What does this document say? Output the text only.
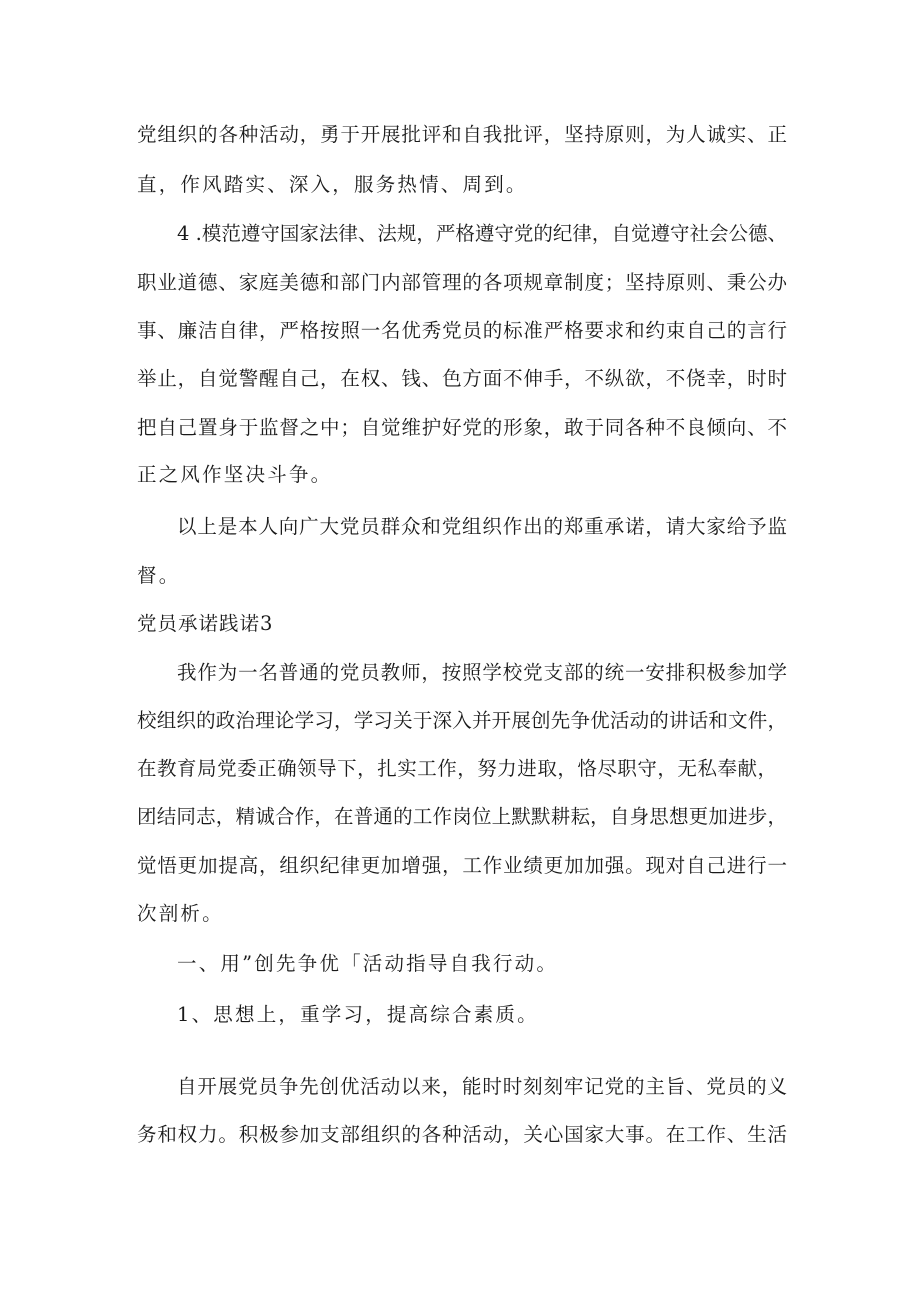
党组织的各种活动，勇于开展批评和自我批评，坚持原则，为人诚实、正
直，作风踏实、深入，服务热情、周到。
4 .模范遵守国家法律、法规，严格遵守党的纪律，自觉遵守社会公德、
职业道德、家庭美德和部门内部管理的各项规章制度；坚持原则、秉公办
事、廉洁自律，严格按照一名优秀党员的标准严格要求和约束自己的言行
举止，自觉警醒自己，在权、钱、色方面不伸手，不纵欲，不侥幸，时时
把自己置身于监督之中；自觉维护好党的形象，敢于同各种不良倾向、不
正之风作坚决斗争。
以上是本人向广大党员群众和党组织作出的郑重承诺，请大家给予监
督。
党员承诺践诺3
我作为一名普通的党员教师，按照学校党支部的统一安排积极参加学
校组织的政治理论学习，学习关于深入并开展创先争优活动的讲话和文件，
在教育局党委正确领导下，扎实工作，努力进取，恪尽职守，无私奉献，
团结同志，精诚合作，在普通的工作岗位上默默耕耘，自身思想更加进步，
觉悟更加提高，组织纪律更加增强，工作业绩更加加强。现对自己进行一
次剖析。
一、用”创先争优「活动指导自我行动。
1、思想上，重学习，提高综合素质。
自开展党员争先创优活动以来，能时时刻刻牢记党的主旨、党员的义
务和权力。积极参加支部组织的各种活动，关心国家大事。在工作、生活
